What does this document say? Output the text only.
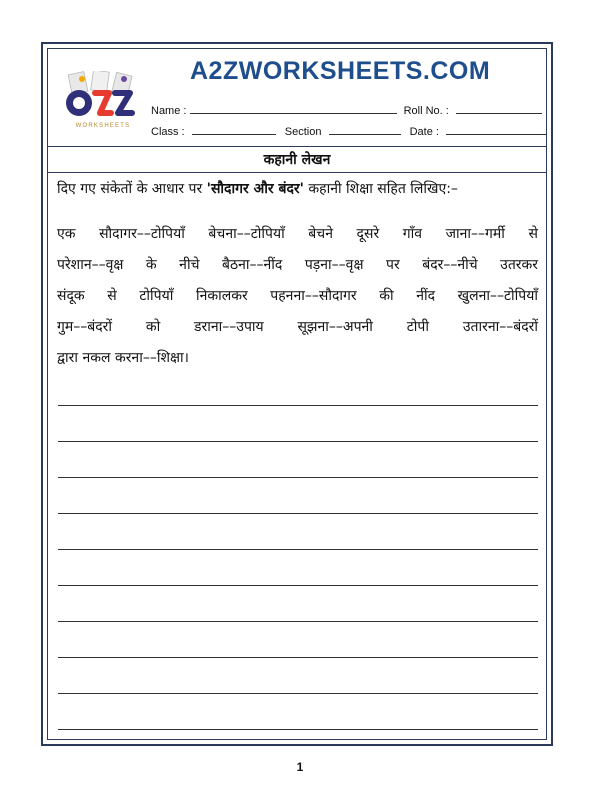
WORKSHEETS
A2ZWORKSHEETS.COM
Name :	Roll No. :
Class :	Section	Date :
कहानी लेखन
दिए गए संकेतों के आधार पर 'सौदागर और बंदर' कहानी शिक्षा सहित लिखिए:–
एक सौदागर––टोपियाँ बेचना––टोपियाँ बेचने दूसरे गाँव जाना––गर्मी से
परेशान––वृक्ष के नीचे बैठना––नींद पड़ना––वृक्ष पर बंदर––नीचे उतरकर
संदूक से टोपियाँ निकालकर पहनना––सौदागर की नींद खुलना––टोपियाँ
गुम––बंदरों को डराना––उपाय सूझना––अपनी टोपी उतारना––बंदरों
द्वारा नकल करना––शिक्षा।
1
